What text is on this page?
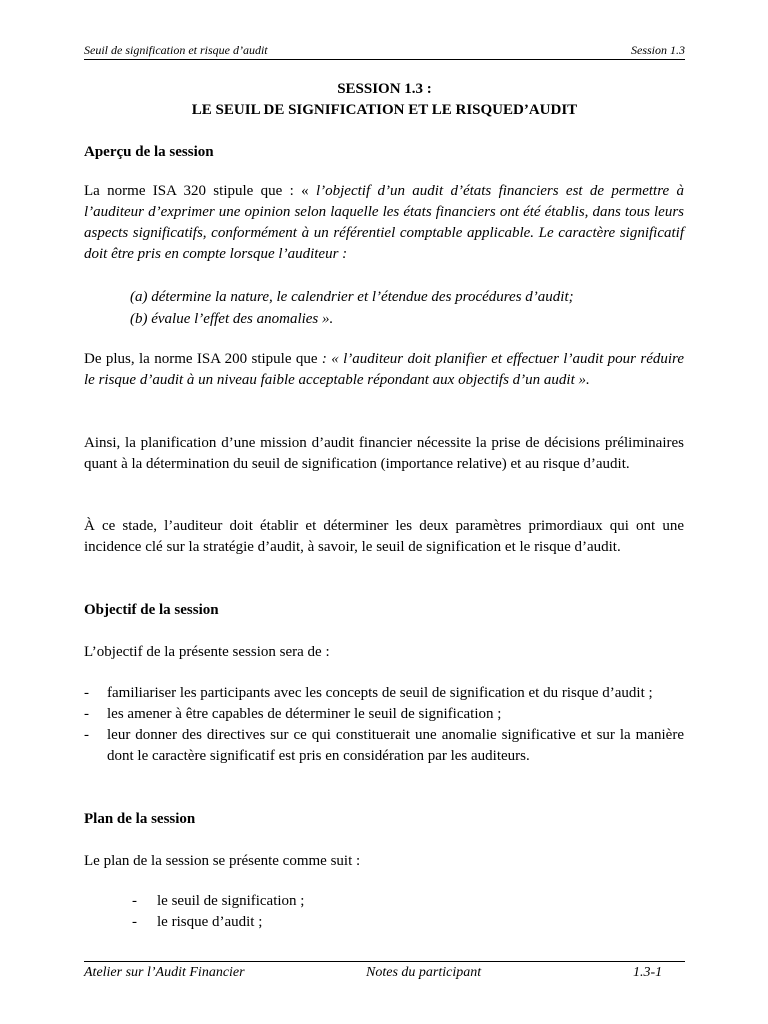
Seuil de signification et risque d’audit	Session 1.3
SESSION 1.3 :
LE SEUIL DE SIGNIFICATION ET LE RISQUED’AUDIT
Aperçu de la session
La norme ISA 320 stipule que : « l’objectif d’un audit d’états financiers est de permettre à l’auditeur d’exprimer une opinion selon laquelle les états financiers ont été établis, dans tous leurs aspects significatifs, conformément à un référentiel comptable applicable. Le caractère significatif doit être pris en compte lorsque l’auditeur :
(a) détermine la nature, le calendrier et l’étendue des procédures d’audit;
(b) évalue l’effet des anomalies ».
De plus, la norme ISA 200 stipule que : « l’auditeur doit planifier et effectuer l’audit pour réduire le risque d’audit à un niveau faible acceptable répondant aux objectifs d’un audit ».
Ainsi, la planification d’une mission d’audit financier nécessite la prise de décisions préliminaires quant à la détermination du seuil de signification (importance relative) et au risque d’audit.
À ce stade, l’auditeur doit établir et déterminer les deux paramètres primordiaux qui ont une incidence clé sur la stratégie d’audit, à savoir, le seuil de signification et le risque d’audit.
Objectif de la session
L’objectif de la présente session sera de :
-	familiariser les participants avec les concepts de seuil de signification et du risque d’audit ;
-	les amener à être capables de déterminer le seuil de signification ;
-	leur donner des directives sur ce qui constituerait une anomalie significative et sur la manière dont le caractère significatif est pris en considération par les auditeurs.
Plan de la session
Le plan de la session se présente comme suit :
-	le seuil de signification ;
-	le risque d’audit ;
Atelier sur l’Audit Financier	Notes du participant	1.3-1
